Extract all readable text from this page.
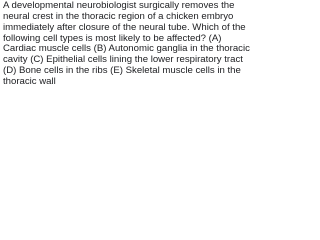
A developmental neurobiologist surgically removes the neural crest in the thoracic region of a chicken embryo immediately after closure of the neural tube. Which of the following cell types is most likely to be affected? (A) Cardiac muscle cells (B) Autonomic ganglia in the thoracic cavity (C) Epithelial cells lining the lower respiratory tract (D) Bone cells in the ribs (E) Skeletal muscle cells in the thoracic wall
